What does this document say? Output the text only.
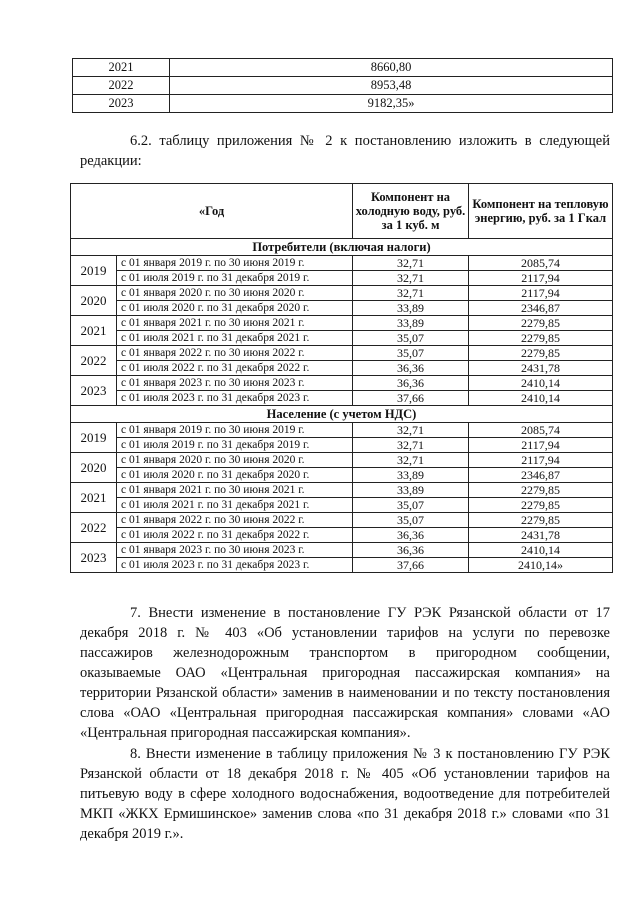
2021	8660,80
2022	8953,48
2023	9182,35»
6.2. таблицу приложения № 2 к постановлению изложить в следующей редакции:
«Год		Компонент на холодную воду, руб. за 1 куб. м	Компонент на тепловую энергию, руб. за 1 Гкал
Потребители (включая налоги)			
2019	с 01 января 2019 г. по 30 июня 2019 г.	32,71	2085,74
	с 01 июля 2019 г. по 31 декабря 2019 г.	32,71	2117,94
2020	с 01 января 2020 г. по 30 июня 2020 г.	32,71	2117,94
	с 01 июля 2020 г. по 31 декабря 2020 г.	33,89	2346,87
2021	с 01 января 2021 г. по 30 июня 2021 г.	33,89	2279,85
	с 01 июля 2021 г. по 31 декабря 2021 г.	35,07	2279,85
2022	с 01 января 2022 г. по 30 июня 2022 г.	35,07	2279,85
	с 01 июля 2022 г. по 31 декабря 2022 г.	36,36	2431,78
2023	с 01 января 2023 г. по 30 июня 2023 г.	36,36	2410,14
	с 01 июля 2023 г. по 31 декабря 2023 г.	37,66	2410,14
Население (с учетом НДС)			
2019	с 01 января 2019 г. по 30 июня 2019 г.	32,71	2085,74
	с 01 июля 2019 г. по 31 декабря 2019 г.	32,71	2117,94
2020	с 01 января 2020 г. по 30 июня 2020 г.	32,71	2117,94
	с 01 июля 2020 г. по 31 декабря 2020 г.	33,89	2346,87
2021	с 01 января 2021 г. по 30 июня 2021 г.	33,89	2279,85
	с 01 июля 2021 г. по 31 декабря 2021 г.	35,07	2279,85
2022	с 01 января 2022 г. по 30 июня 2022 г.	35,07	2279,85
	с 01 июля 2022 г. по 31 декабря 2022 г.	36,36	2431,78
2023	с 01 января 2023 г. по 30 июня 2023 г.	36,36	2410,14
	с 01 июля 2023 г. по 31 декабря 2023 г.	37,66	2410,14»
7. Внести изменение в постановление ГУ РЭК Рязанской области от 17 декабря 2018 г. № 403 «Об установлении тарифов на услуги по перевозке пассажиров железнодорожным транспортом в пригородном сообщении, оказываемые ОАО «Центральная пригородная пассажирская компания» на территории Рязанской области» заменив в наименовании и по тексту постановления слова «ОАО «Центральная пригородная пассажирская компания» словами «АО «Центральная пригородная пассажирская компания».
8. Внести изменение в таблицу приложения № 3 к постановлению ГУ РЭК Рязанской области от 18 декабря 2018 г. № 405 «Об установлении тарифов на питьевую воду в сфере холодного водоснабжения, водоотведение для потребителей МКП «ЖКХ Ермишинское» заменив слова «по 31 декабря 2018 г.» словами «по 31 декабря 2019 г.».
